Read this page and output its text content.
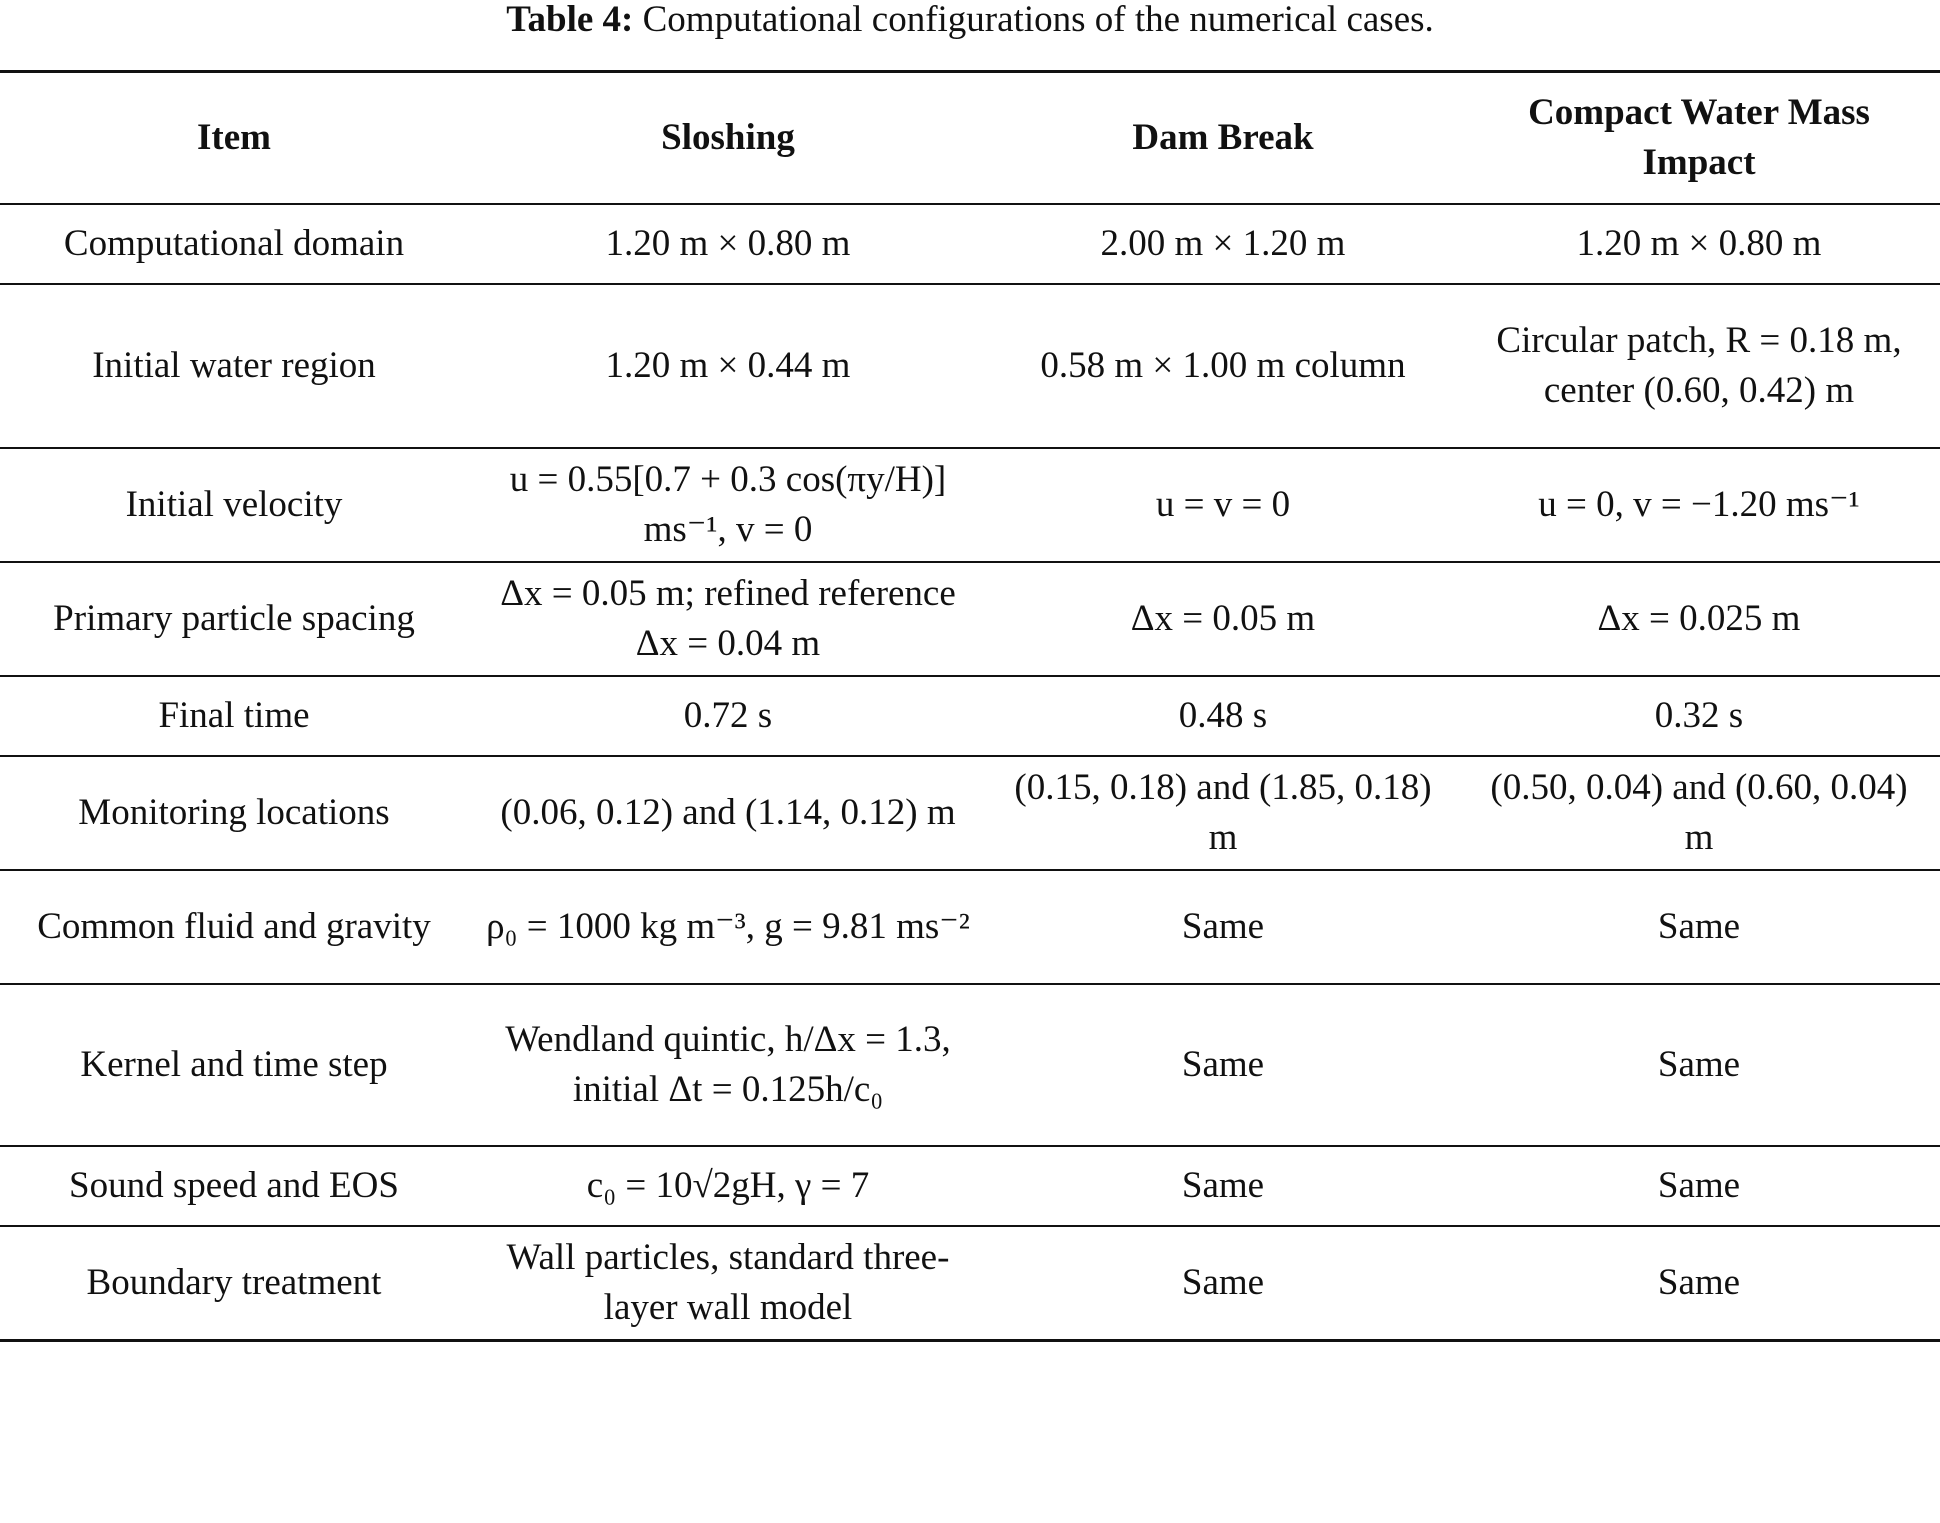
Table 4: Computational configurations of the numerical cases.
Item	Sloshing	Dam Break	Compact Water Mass Impact
Computational domain	1.20 m × 0.80 m	2.00 m × 1.20 m	1.20 m × 0.80 m
Initial water region	1.20 m × 0.44 m	0.58 m × 1.00 m column	Circular patch, R = 0.18 m, center (0.60, 0.42) m
Initial velocity	u = 0.55[0.7 + 0.3 cos(πy/H)] ms⁻¹, v = 0	u = v = 0	u = 0, v = −1.20 ms⁻¹
Primary particle spacing	Δx = 0.05 m; refined reference Δx = 0.04 m	Δx = 0.05 m	Δx = 0.025 m
Final time	0.72 s	0.48 s	0.32 s
Monitoring locations	(0.06, 0.12) and (1.14, 0.12) m	(0.15, 0.18) and (1.85, 0.18) m	(0.50, 0.04) and (0.60, 0.04) m
Common fluid and gravity	ρ₀ = 1000 kg m⁻³, g = 9.81 ms⁻²	Same	Same
Kernel and time step	Wendland quintic, h/Δx = 1.3, initial Δt = 0.125h/c₀	Same	Same
Sound speed and EOS	c₀ = 10√2gH, γ = 7	Same	Same
Boundary treatment	Wall particles, standard three-layer wall model	Same	Same
